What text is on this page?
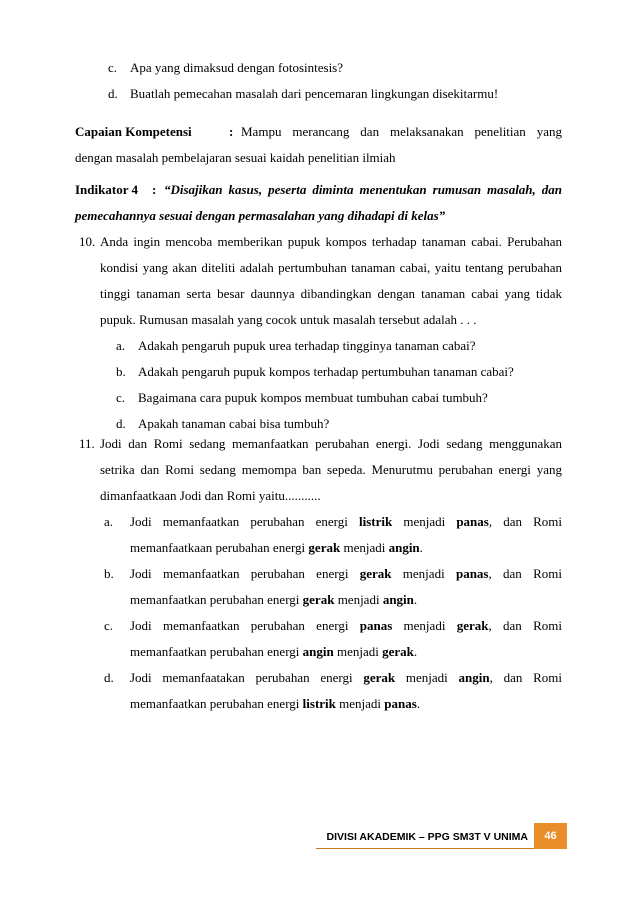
c. Apa yang dimaksud dengan fotosintesis?
d. Buatlah pemecahan masalah dari pencemaran lingkungan disekitarmu!
Capaian Kompetensi	: Mampu merancang dan melaksanakan penelitian yang
dengan masalah pembelajaran sesuai kaidah penelitian ilmiah
Indikator 4 : “Disajikan kasus, peserta diminta menentukan rumusan masalah, dan
pemecahannya sesuai dengan permasalahan yang dihadapi di kelas”
10. Anda ingin mencoba memberikan pupuk kompos terhadap tanaman cabai. Perubahan
kondisi yang akan diteliti adalah pertumbuhan tanaman cabai, yaitu tentang perubahan
tinggi tanaman serta besar daunnya dibandingkan dengan tanaman cabai yang tidak
pupuk. Rumusan masalah yang cocok untuk masalah tersebut adalah . . .
a. Adakah pengaruh pupuk urea terhadap tingginya tanaman cabai?
b. Adakah pengaruh pupuk kompos terhadap pertumbuhan tanaman cabai?
c. Bagaimana cara pupuk kompos membuat tumbuhan cabai tumbuh?
d. Apakah tanaman cabai bisa tumbuh?
11. Jodi dan Romi sedang memanfaatkan perubahan energi. Jodi sedang menggunakan
setrika dan Romi sedang memompa ban sepeda. Menurutmu perubahan energi yang
dimanfaatkaan Jodi dan Romi yaitu...........
a. Jodi memanfaatkan perubahan energi listrik menjadi panas, dan Romi
memanfaatkaan perubahan energi gerak menjadi angin.
b. Jodi memanfaatkan perubahan energi gerak menjadi panas, dan Romi
memanfaatkan perubahan energi gerak menjadi angin.
c. Jodi memanfaatkan perubahan energi panas menjadi gerak, dan Romi
memanfaatkan perubahan energi angin menjadi gerak.
d. Jodi memanfaatakan perubahan energi gerak menjadi angin, dan Romi
memanfaatkan perubahan energi listrik menjadi panas.
DIVISI AKADEMIK – PPG SM3T V UNIMA	46
